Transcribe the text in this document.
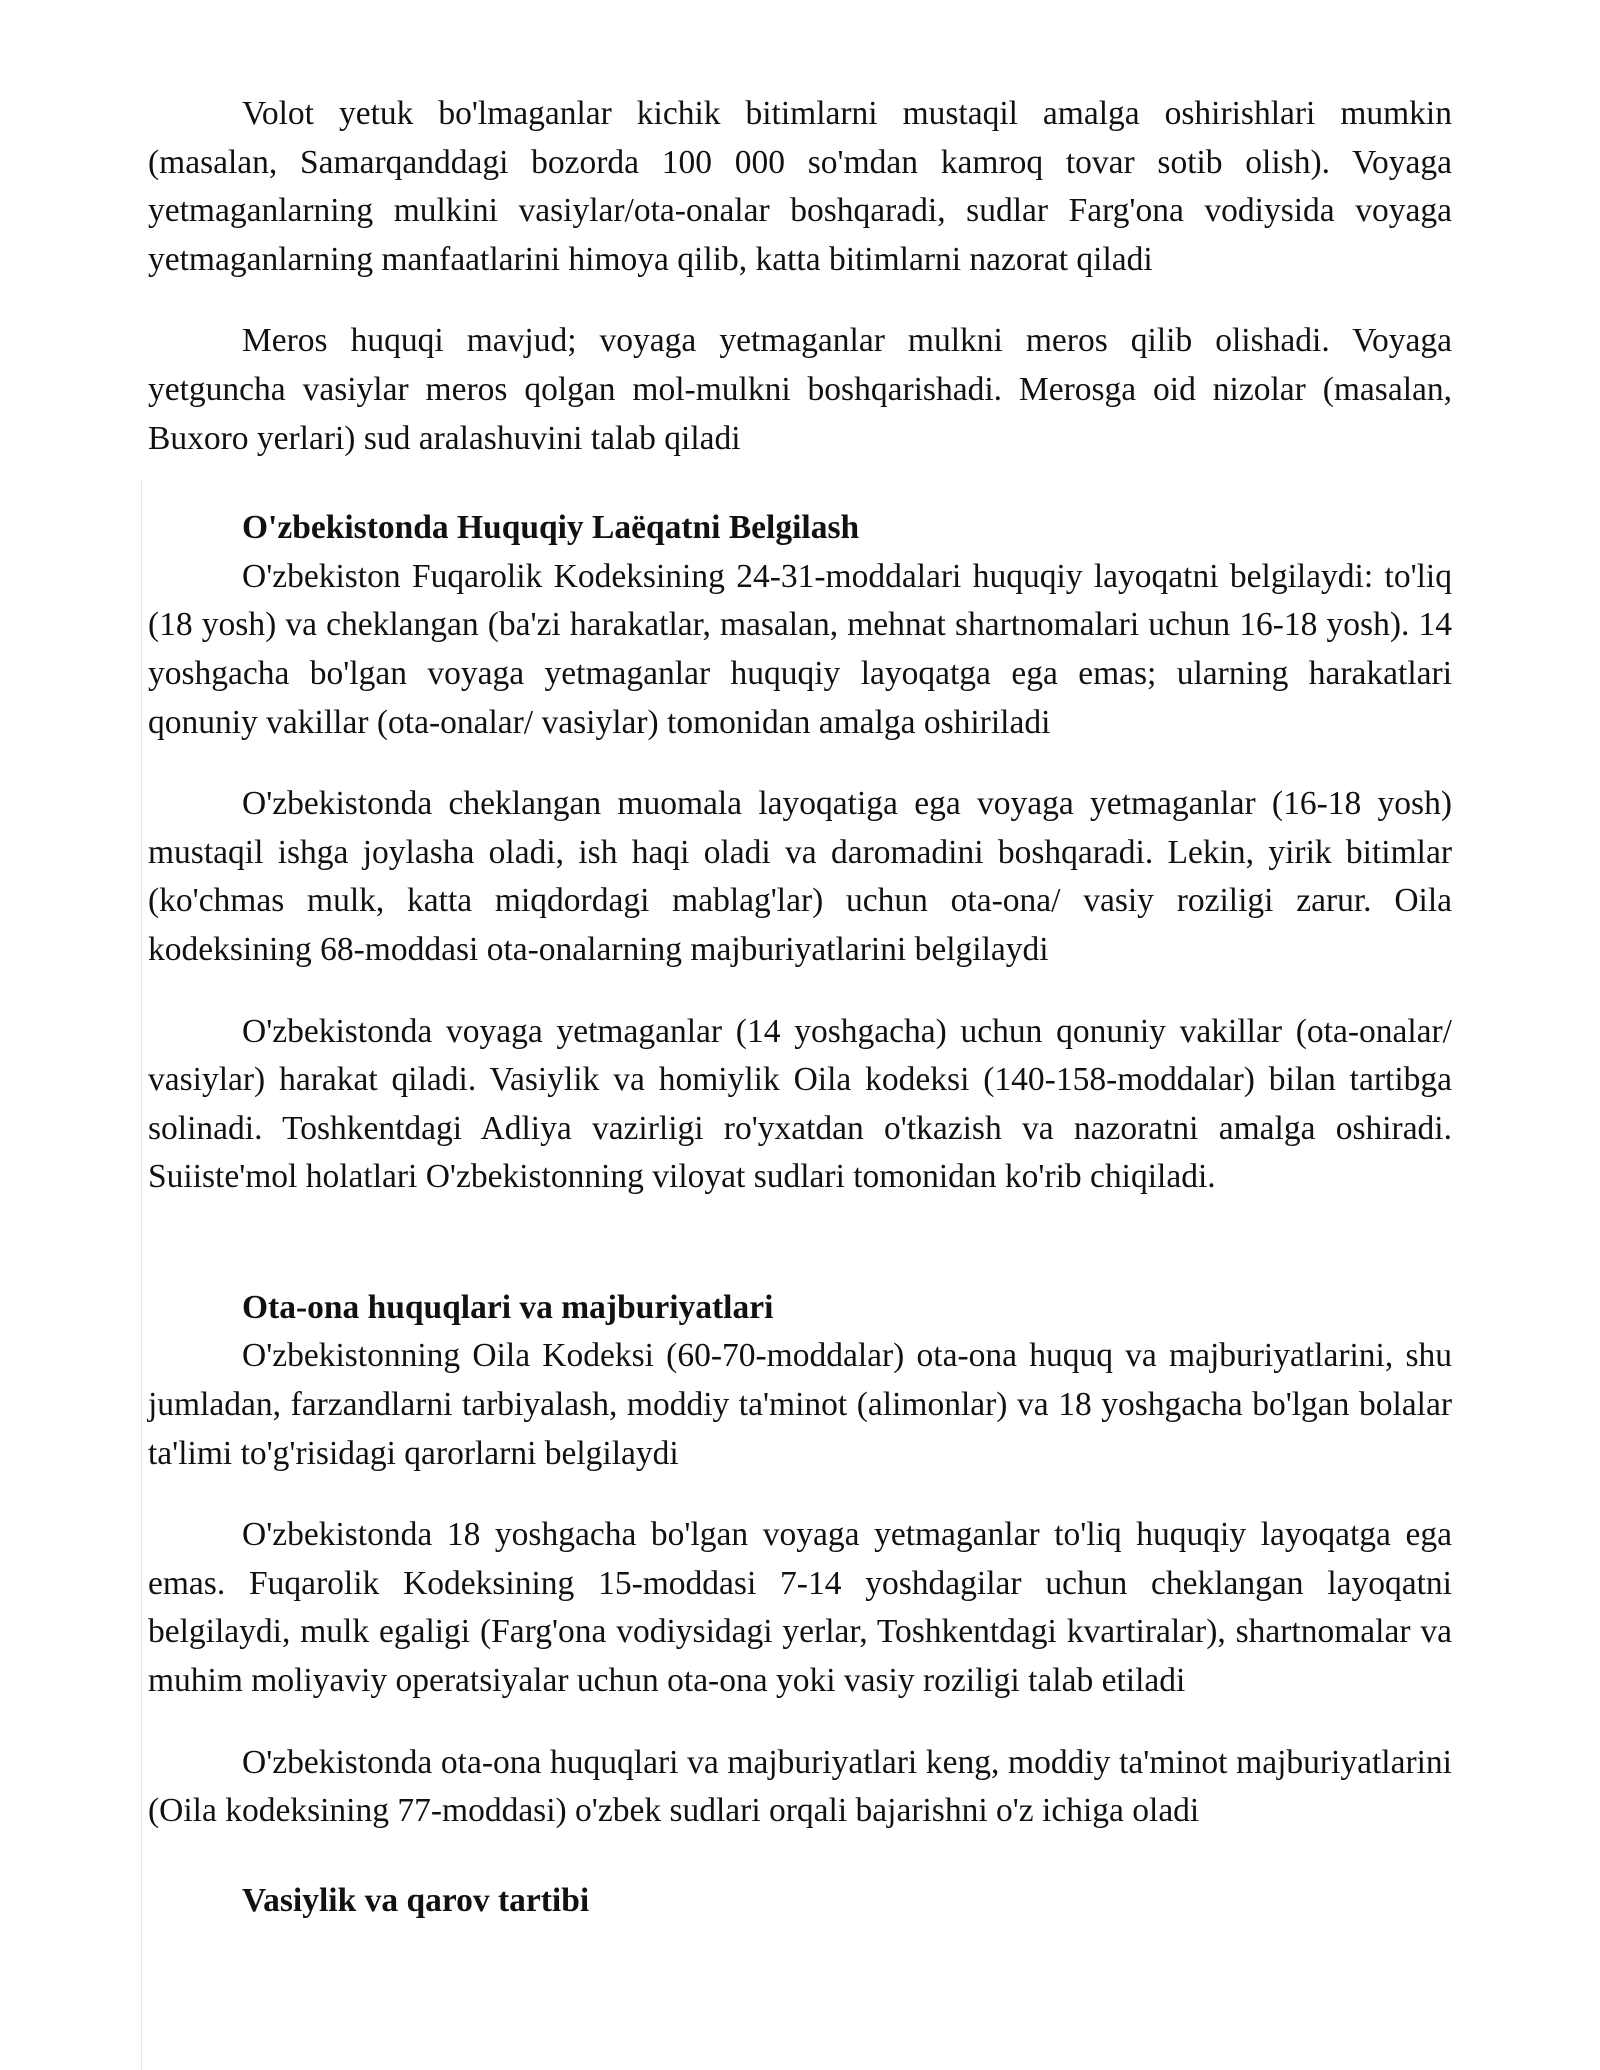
Volot yetuk bo'lmaganlar kichik bitimlarni mustaqil amalga oshirishlari mumkin (masalan, Samarqanddagi bozorda 100 000 so'mdan kamroq tovar sotib olish). Voyaga yetmaganlarning mulkini vasiylar/ota-onalar boshqaradi, sudlar Farg'ona vodiysida voyaga yetmaganlarning manfaatlarini himoya qilib, katta bitimlarni nazorat qiladi

Meros huquqi mavjud; voyaga yetmaganlar mulkni meros qilib olishadi. Voyaga yetguncha vasiylar meros qolgan mol-mulkni boshqarishadi. Merosga oid nizolar (masalan, Buxoro yerlari) sud aralashuvini talab qiladi

O'zbekistonda Huquqiy Laëqatni Belgilash

O'zbekiston Fuqarolik Kodeksining 24-31-moddalari huquqiy layoqatni belgilaydi: to'liq (18 yosh) va cheklangan (ba'zi harakatlar, masalan, mehnat shartnomalari uchun 16-18 yosh). 14 yoshgacha bo'lgan voyaga yetmaganlar huquqiy layoqatga ega emas; ularning harakatlari qonuniy vakillar (ota-onalar/ vasiylar) tomonidan amalga oshiriladi

O'zbekistonda cheklangan muomala layoqatiga ega voyaga yetmaganlar (16-18 yosh) mustaqil ishga joylasha oladi, ish haqi oladi va daromadini boshqaradi. Lekin, yirik bitimlar (ko'chmas mulk, katta miqdordagi mablag'lar) uchun ota-ona/ vasiy roziligi zarur. Oila kodeksining 68-moddasi ota-onalarning majburiyatlarini belgilaydi

O'zbekistonda voyaga yetmaganlar (14 yoshgacha) uchun qonuniy vakillar (ota-onalar/ vasiylar) harakat qiladi. Vasiylik va homiylik Oila kodeksi (140-158-moddalar) bilan tartibga solinadi. Toshkentdagi Adliya vazirligi ro'yxatdan o'tkazish va nazoratni amalga oshiradi. Suiiste'mol holatlari O'zbekistonning viloyat sudlari tomonidan ko'rib chiqiladi.

Ota-ona huquqlari va majburiyatlari

O'zbekistonning Oila Kodeksi (60-70-moddalar) ota-ona huquq va majburiyatlarini, shu jumladan, farzandlarni tarbiyalash, moddiy ta'minot (alimonlar) va 18 yoshgacha bo'lgan bolalar ta'limi to'g'risidagi qarorlarni belgilaydi

O'zbekistonda 18 yoshgacha bo'lgan voyaga yetmaganlar to'liq huquqiy layoqatga ega emas. Fuqarolik Kodeksining 15-moddasi 7-14 yoshdagilar uchun cheklangan layoqatni belgilaydi, mulk egaligi (Farg'ona vodiysidagi yerlar, Toshkentdagi kvartiralar), shartnomalar va muhim moliyaviy operatsiyalar uchun ota-ona yoki vasiy roziligi talab etiladi

O'zbekistonda ota-ona huquqlari va majburiyatlari keng, moddiy ta'minot majburiyatlarini (Oila kodeksining 77-moddasi) o'zbek sudlari orqali bajarishni o'z ichiga oladi

Vasiylik va qarov tartibi
